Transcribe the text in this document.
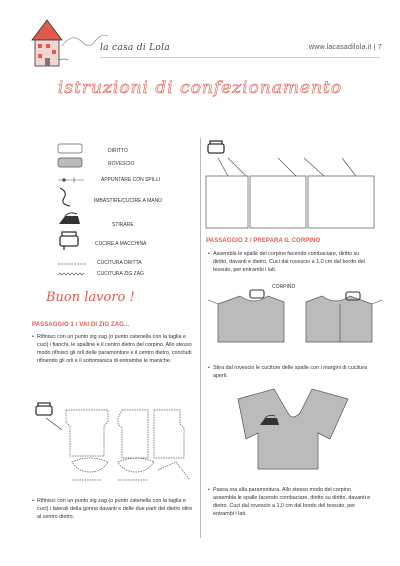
la casa di Lola	www.lacasadilola.it | 7
istruzioni di confezionamento
DIRITTO
ROVESCIO
APPUNTARE CON SPILLI
IMBASTIRE/CUCIRE A MANO
STIRARE
CUCIRE A MACCHINA
CUCITURA DRITTA
CUCITURA ZIG ZAG
Buon lavoro !
PASSAGGIO 1 / VAI DI ZIG ZAG...
• Rifinisci con un punto zig zag (o punto catenella con la taglia e cuci) i fianchi, le spalline e il centro dietro del corpino. Allo stesso modo rifinisci gli orli delle paramonture e il centro dietro, concludi rifinendo gli orli e il sottomanica di entrambe le maniche.
• Rifinisci con un punto zig zag (o punto catenella con la taglia e cuci) i laterali della gonna davanti e delle due parti del dietro oltre al centro dietro.
PASSAGGIO 2 / PREPARA IL CORPINO
• Assembla le spalle del corpino facendo combaciare, diritto su diritto, davanti e dietro. Cuci dal rovescio a 1,0 cm dal bordo del tessuto, per entrambi i lati.
CORPINO
• Stira dal rovescio le cuciture delle spalle con i margini di cucitura aperti.
• Passa ora alla paramontura. Allo stesso modo del corpino assembla le spalle facendo combaciare, diritto su diritto, davanti e dietro. Cuci dal rovescio a 1,0 cm dal bordo del tessuto, per entrambi i lati.
